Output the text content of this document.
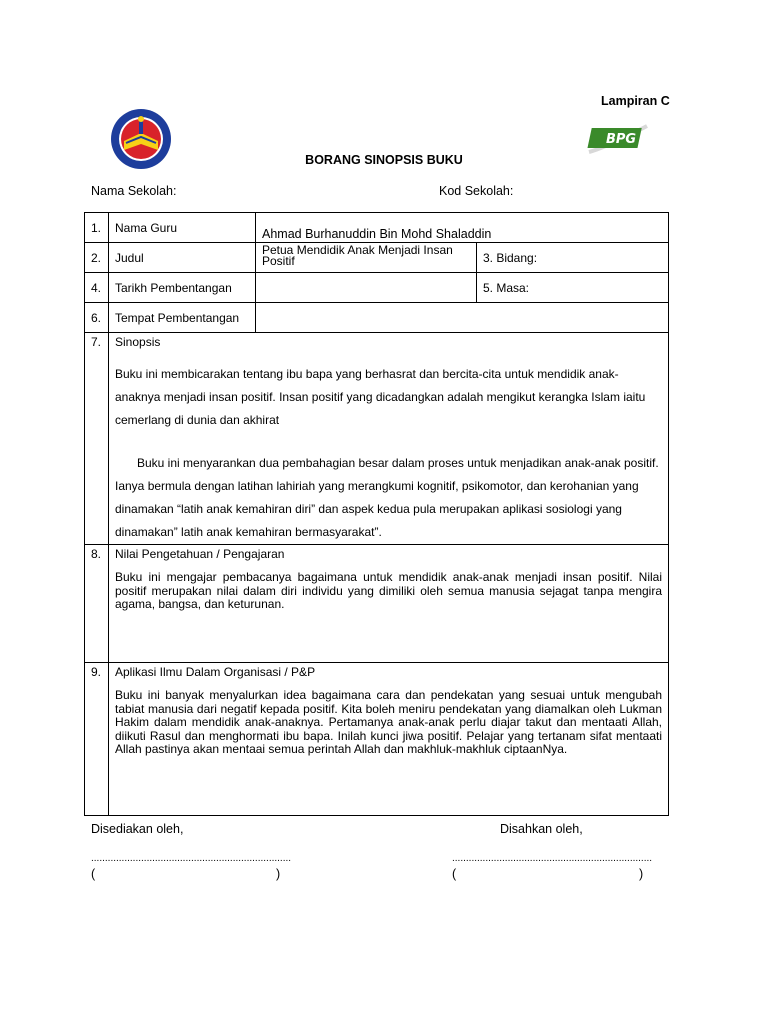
Lampiran C
BPG
BORANG SINOPSIS BUKU
Nama Sekolah:	Kod Sekolah:
1.	Nama Guru	Ahmad Burhanuddin Bin Mohd Shaladdin	
2.	Judul	Petua Mendidik Anak Menjadi Insan Positif	3. Bidang:
4.	Tarikh Pembentangan		5. Masa:
6.	Tempat Pembentangan		
7.	Sinopsis

Buku ini membicarakan tentang ibu bapa yang berhasrat dan bercita-cita untuk mendidik anak-anaknya menjadi insan positif. Insan positif yang dicadangkan adalah mengikut kerangka Islam iaitu cemerlang di dunia dan akhirat

Buku ini menyarankan dua pembahagian besar dalam proses untuk menjadikan anak-anak positif. Ianya bermula dengan latihan lahiriah yang merangkumi kognitif, psikomotor, dan kerohanian yang dinamakan “latih anak kemahiran diri” dan aspek kedua pula merupakan aplikasi sosiologi yang dinamakan” latih anak kemahiran bermasyarakat”.		

8.	Nilai Pengetahuan / Pengajaran

Buku ini mengajar pembacanya bagaimana untuk mendidik anak-anak menjadi insan positif. Nilai positif merupakan nilai dalam diri individu yang dimiliki oleh semua manusia sejagat tanpa mengira agama, bangsa, dan keturunan.		

9.	Aplikasi Ilmu Dalam Organisasi / P&P

Buku ini banyak menyalurkan idea bagaimana cara dan pendekatan yang sesuai untuk mengubah tabiat manusia dari negatif kepada positif. Kita boleh meniru pendekatan yang diamalkan oleh Lukman Hakim dalam mendidik anak-anaknya. Pertamanya anak-anak perlu diajar takut dan mentaati Allah, diikuti Rasul dan menghormati ibu bapa. Inilah kunci jiwa positif. Pelajar yang tertanam sifat mentaati Allah pastinya akan mentaai semua perintah Allah dan makhluk-makhluk ciptaanNya.		

Disediakan oleh,	Disahkan oleh,
........................................................................	........................................................................
(	)	(	)
